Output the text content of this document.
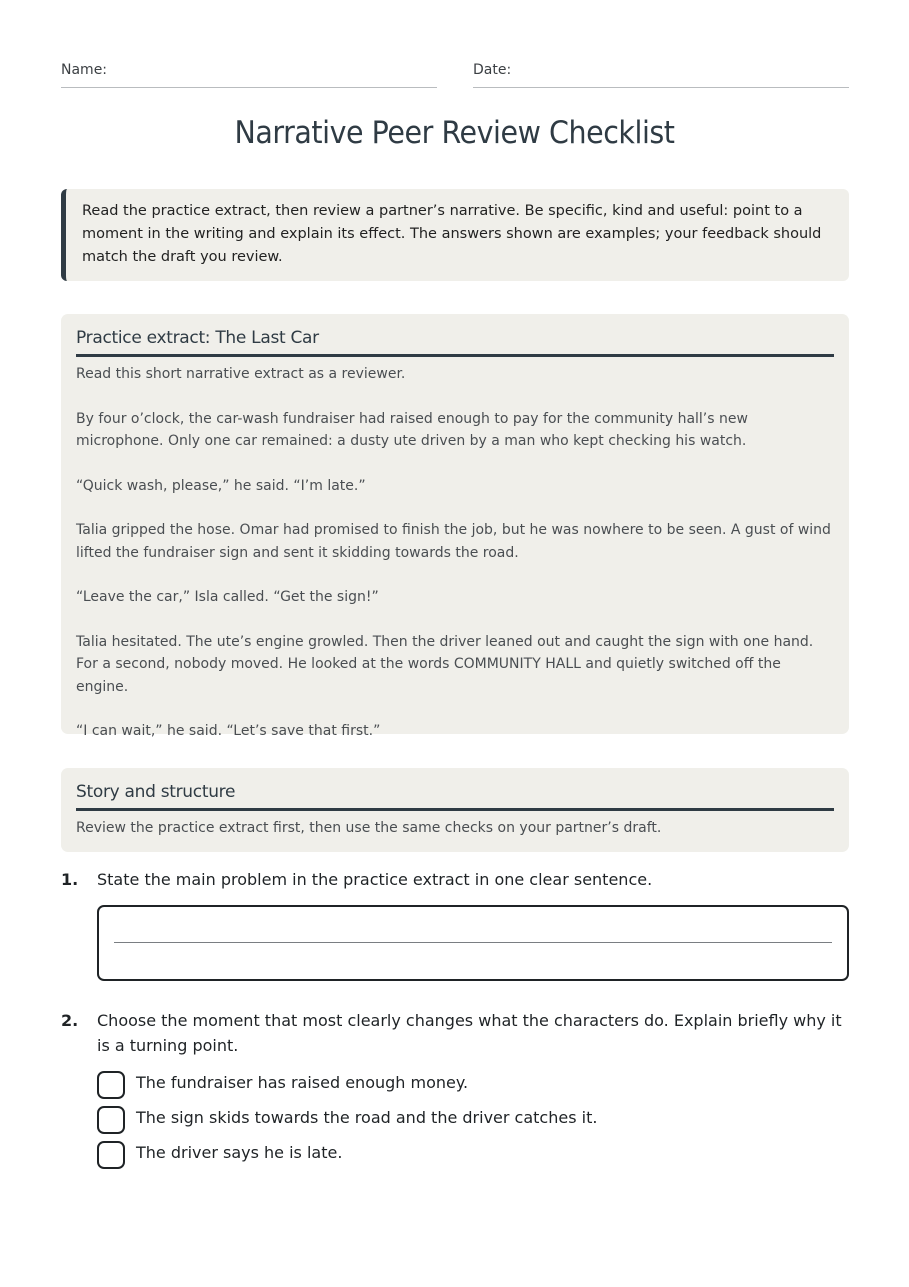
Name:	Date:
Narrative Peer Review Checklist
Read the practice extract, then review a partner’s narrative. Be specific, kind and useful: point to a moment in the writing and explain its effect. The answers shown are examples; your feedback should match the draft you review.
Practice extract: The Last Car

Read this short narrative extract as a reviewer.

By four o’clock, the car-wash fundraiser had raised enough to pay for the community hall’s new microphone. Only one car remained: a dusty ute driven by a man who kept checking his watch.

“Quick wash, please,” he said. “I’m late.”

Talia gripped the hose. Omar had promised to finish the job, but he was nowhere to be seen. A gust of wind lifted the fundraiser sign and sent it skidding towards the road.

“Leave the car,” Isla called. “Get the sign!”

Talia hesitated. The ute’s engine growled. Then the driver leaned out and caught the sign with one hand. For a second, nobody moved. He looked at the words COMMUNITY HALL and quietly switched off the engine.

“I can wait,” he said. “Let’s save that first.”

Story and structure
Review the practice extract first, then use the same checks on your partner’s draft.
1. State the main problem in the practice extract in one clear sentence.
2. Choose the moment that most clearly changes what the characters do. Explain briefly why it is a turning point.
The fundraiser has raised enough money.
The sign skids towards the road and the driver catches it.
The driver says he is late.
